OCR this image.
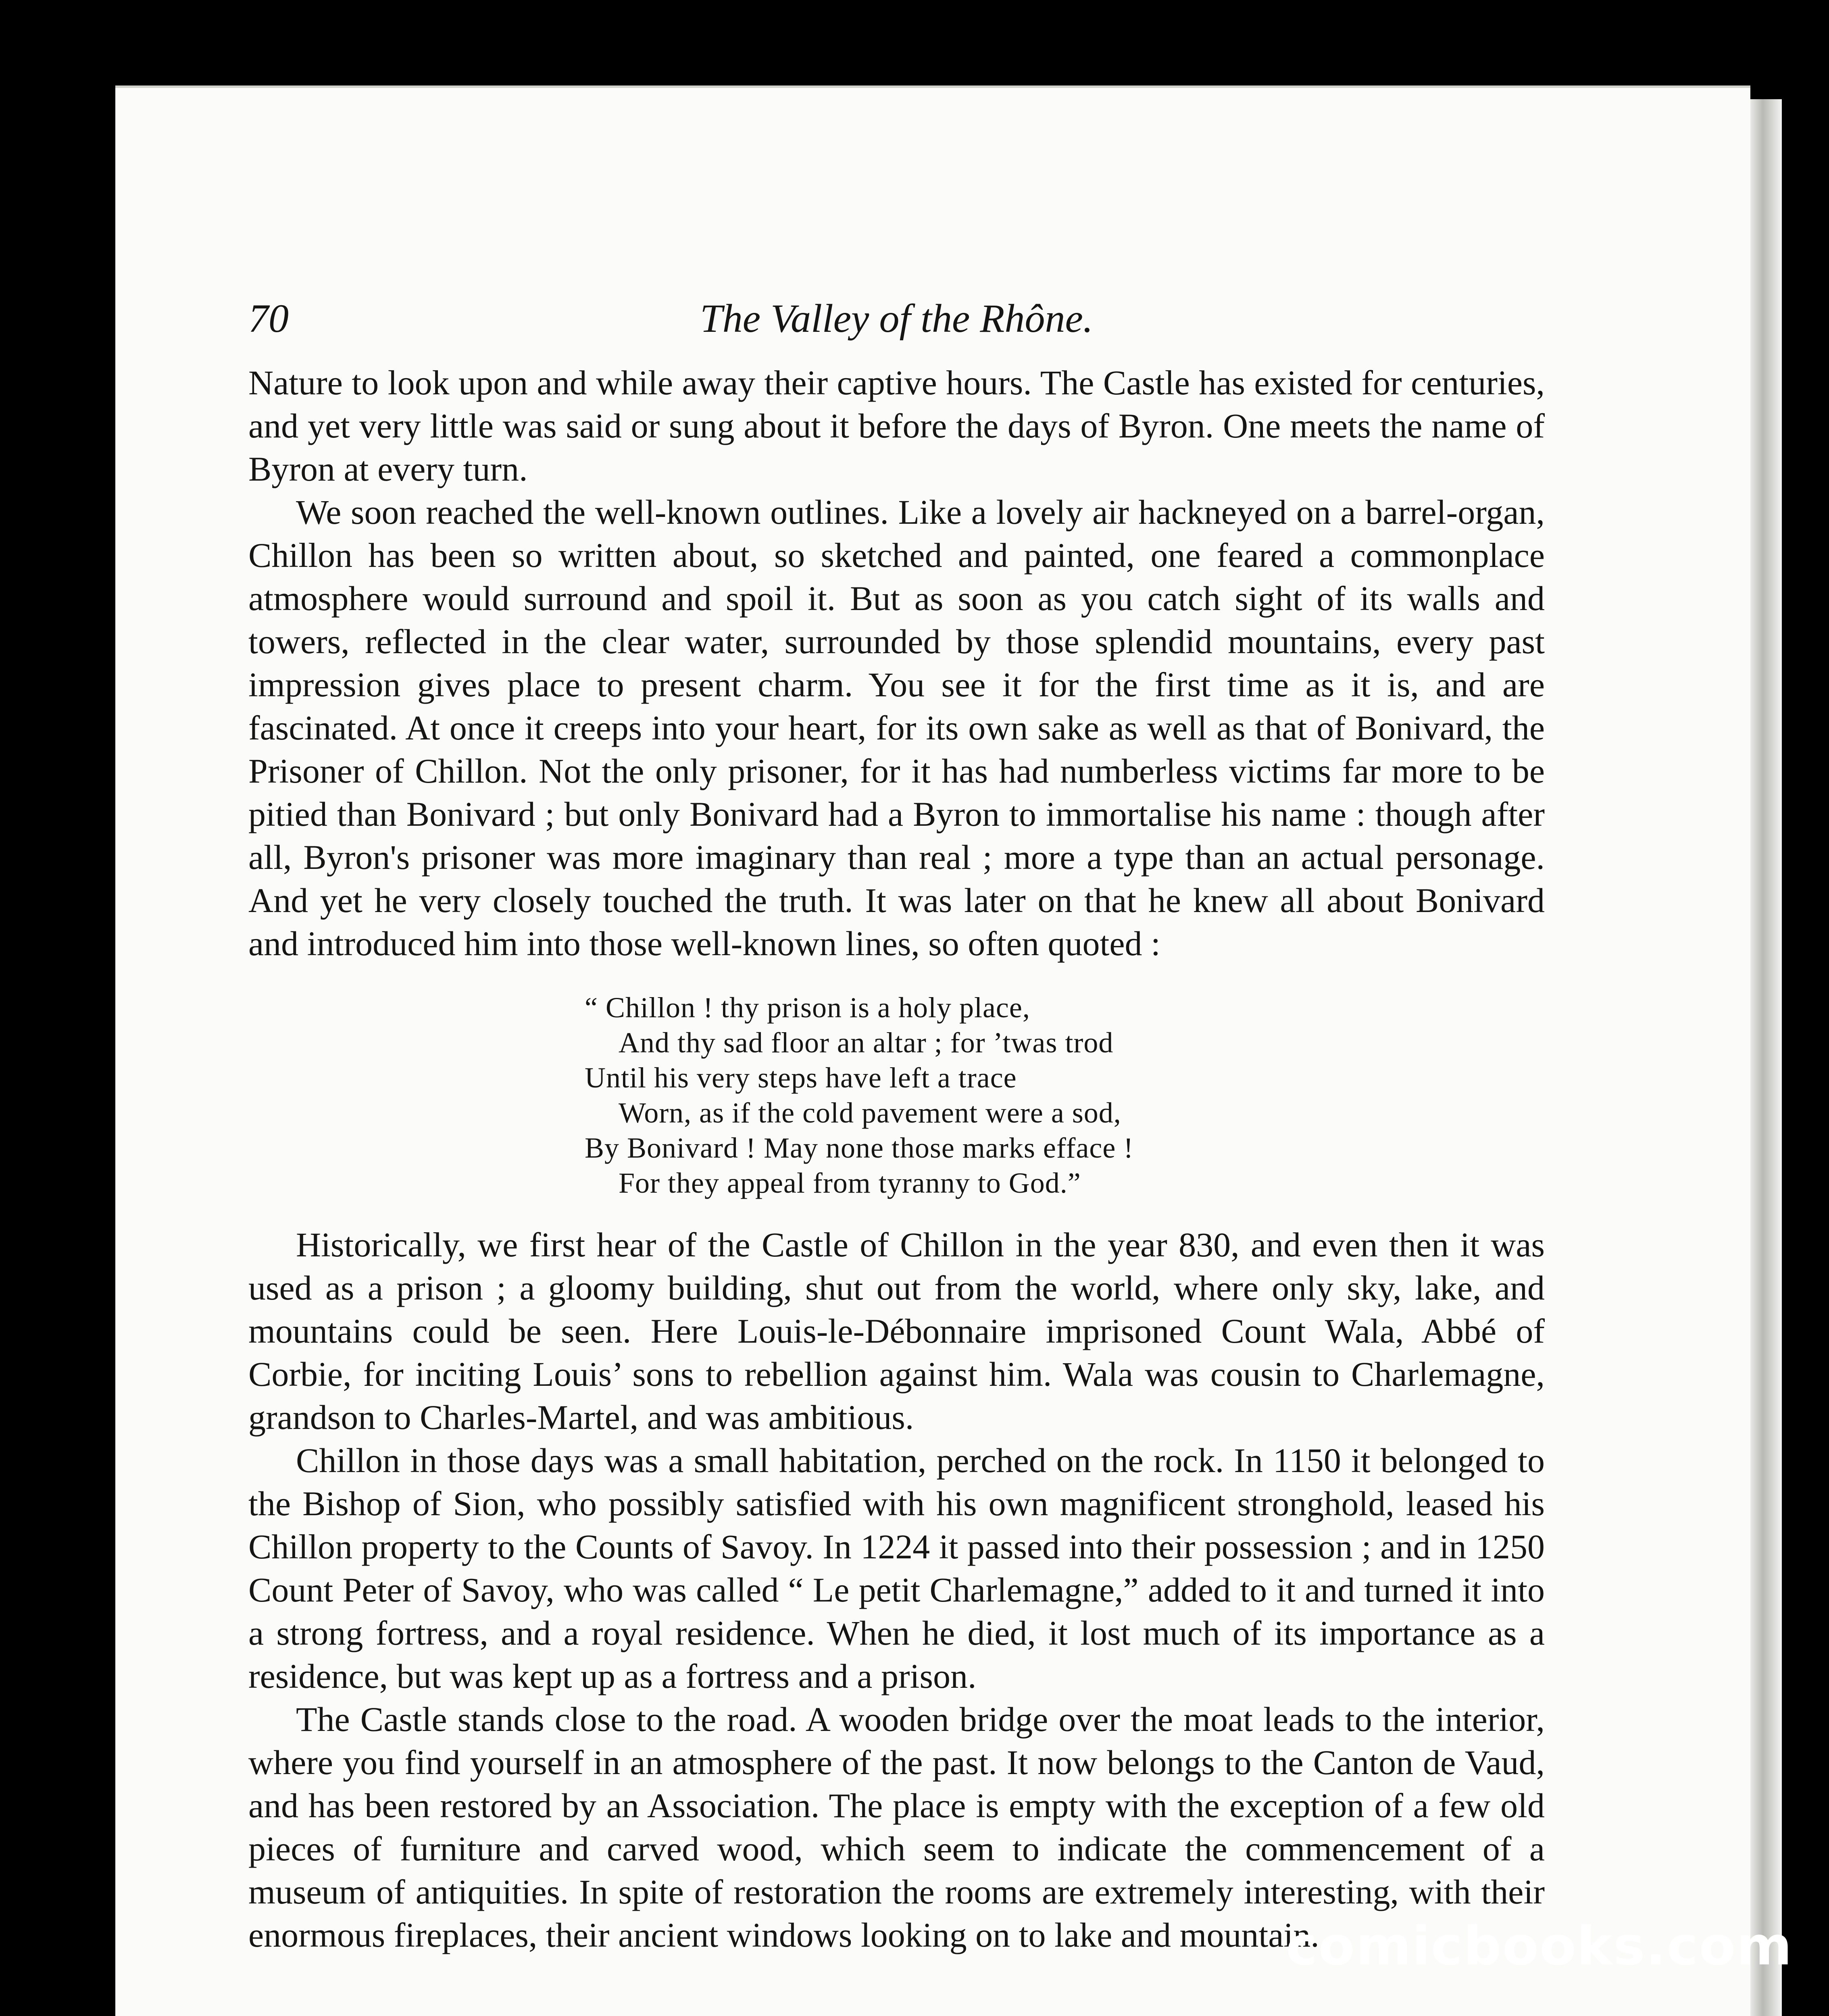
70	The Valley of the Rhône.

Nature to look upon and while away their captive hours. The Castle has existed for centuries, and yet very little was said or sung about it before the days of Byron. One meets the name of Byron at every turn.

We soon reached the well-known outlines. Like a lovely air hackneyed on a barrel-organ, Chillon has been so written about, so sketched and painted, one feared a commonplace atmosphere would surround and spoil it. But as soon as you catch sight of its walls and towers, reflected in the clear water, surrounded by those splendid mountains, every past impression gives place to present charm. You see it for the first time as it is, and are fascinated. At once it creeps into your heart, for its own sake as well as that of Bonivard, the Prisoner of Chillon. Not the only prisoner, for it has had numberless victims far more to be pitied than Bonivard ; but only Bonivard had a Byron to immortalise his name : though after all, Byron's prisoner was more imaginary than real ; more a type than an actual personage. And yet he very closely touched the truth. It was later on that he knew all about Bonivard and introduced him into those well-known lines, so often quoted :

“ Chillon ! thy prison is a holy place,
And thy sad floor an altar ; for ’twas trod
Until his very steps have left a trace
Worn, as if the cold pavement were a sod,
By Bonivard ! May none those marks efface !
For they appeal from tyranny to God.”

Historically, we first hear of the Castle of Chillon in the year 830, and even then it was used as a prison ; a gloomy building, shut out from the world, where only sky, lake, and mountains could be seen. Here Louis-le-Débonnaire imprisoned Count Wala, Abbé of Corbie, for inciting Louis’ sons to rebellion against him. Wala was cousin to Charlemagne, grandson to Charles-Martel, and was ambitious.

Chillon in those days was a small habitation, perched on the rock. In 1150 it belonged to the Bishop of Sion, who possibly satisfied with his own magnificent stronghold, leased his Chillon property to the Counts of Savoy. In 1224 it passed into their possession ; and in 1250 Count Peter of Savoy, who was called “ Le petit Charlemagne,” added to it and turned it into a strong fortress, and a royal residence. When he died, it lost much of its importance as a residence, but was kept up as a fortress and a prison.

The Castle stands close to the road. A wooden bridge over the moat leads to the interior, where you find yourself in an atmosphere of the past. It now belongs to the Canton de Vaud, and has been restored by an Association. The place is empty with the exception of a few old pieces of furniture and carved wood, which seem to indicate the commencement of a museum of antiquities. In spite of restoration the rooms are extremely interesting, with their enormous fireplaces, their ancient windows looking on to lake and mountain.

comicbooks.com
